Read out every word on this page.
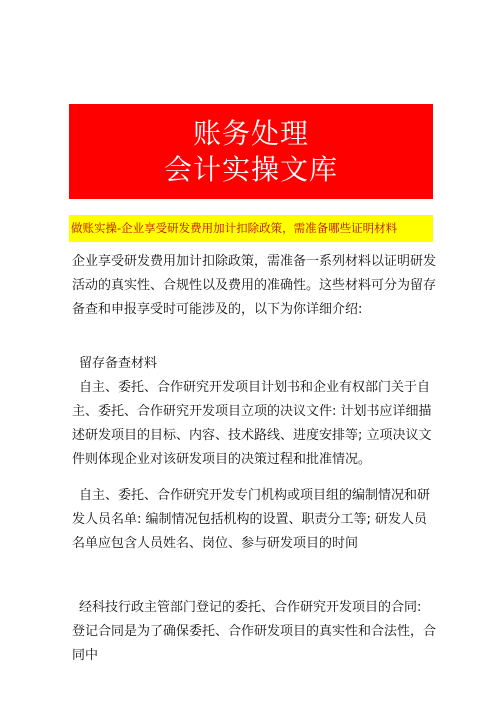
账务处理
会计实操文库
做账实操-企业享受研发费用加计扣除政策，需准备哪些证明材料

企业享受研发费用加计扣除政策，需准备一系列材料以证明研发活动的真实性、合规性以及费用的准确性。这些材料可分为留存备查和申报享受时可能涉及的，以下为你详细介绍:

留存备查材料

自主、委托、合作研究开发项目计划书和企业有权部门关于自主、委托、合作研究开发项目立项的决议文件: 计划书应详细描述研发项目的目标、内容、技术路线、进度安排等; 立项决议文件则体现企业对该研发项目的决策过程和批准情况。

自主、委托、合作研究开发专门机构或项目组的编制情况和研发人员名单: 编制情况包括机构的设置、职责分工等; 研发人员名单应包含人员姓名、岗位、参与研发项目的时间

经科技行政主管部门登记的委托、合作研究开发项目的合同: 登记合同是为了确保委托、合作研发项目的真实性和合法性，合同中
